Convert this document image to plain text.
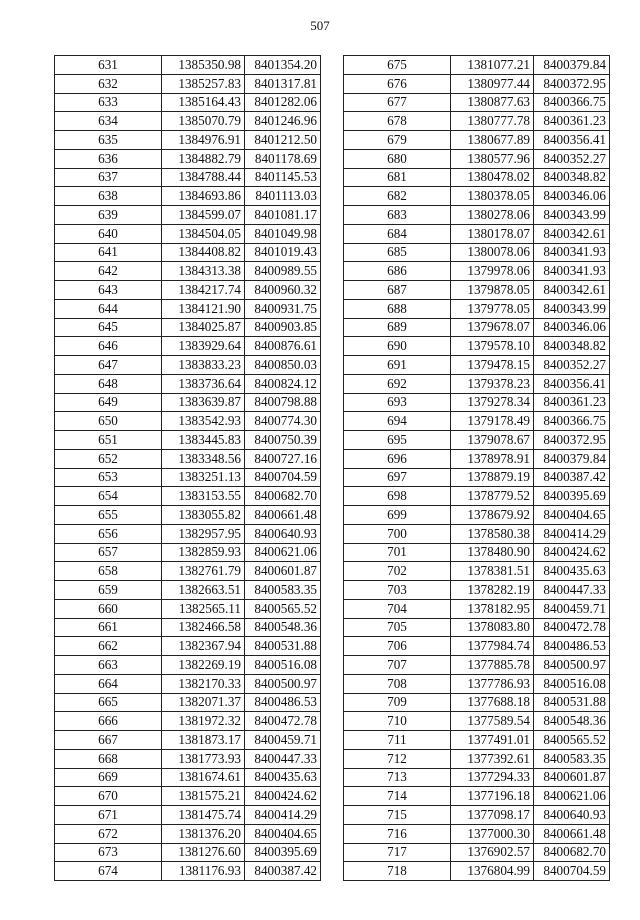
507
631	1385350.98	8401354.20
632	1385257.83	8401317.81
633	1385164.43	8401282.06
634	1385070.79	8401246.96
635	1384976.91	8401212.50
636	1384882.79	8401178.69
637	1384788.44	8401145.53
638	1384693.86	8401113.03
639	1384599.07	8401081.17
640	1384504.05	8401049.98
641	1384408.82	8401019.43
642	1384313.38	8400989.55
643	1384217.74	8400960.32
644	1384121.90	8400931.75
645	1384025.87	8400903.85
646	1383929.64	8400876.61
647	1383833.23	8400850.03
648	1383736.64	8400824.12
649	1383639.87	8400798.88
650	1383542.93	8400774.30
651	1383445.83	8400750.39
652	1383348.56	8400727.16
653	1383251.13	8400704.59
654	1383153.55	8400682.70
655	1383055.82	8400661.48
656	1382957.95	8400640.93
657	1382859.93	8400621.06
658	1382761.79	8400601.87
659	1382663.51	8400583.35
660	1382565.11	8400565.52
661	1382466.58	8400548.36
662	1382367.94	8400531.88
663	1382269.19	8400516.08
664	1382170.33	8400500.97
665	1382071.37	8400486.53
666	1381972.32	8400472.78
667	1381873.17	8400459.71
668	1381773.93	8400447.33
669	1381674.61	8400435.63
670	1381575.21	8400424.62
671	1381475.74	8400414.29
672	1381376.20	8400404.65
673	1381276.60	8400395.69
674	1381176.93	8400387.42
675	1381077.21	8400379.84
676	1380977.44	8400372.95
677	1380877.63	8400366.75
678	1380777.78	8400361.23
679	1380677.89	8400356.41
680	1380577.96	8400352.27
681	1380478.02	8400348.82
682	1380378.05	8400346.06
683	1380278.06	8400343.99
684	1380178.07	8400342.61
685	1380078.06	8400341.93
686	1379978.06	8400341.93
687	1379878.05	8400342.61
688	1379778.05	8400343.99
689	1379678.07	8400346.06
690	1379578.10	8400348.82
691	1379478.15	8400352.27
692	1379378.23	8400356.41
693	1379278.34	8400361.23
694	1379178.49	8400366.75
695	1379078.67	8400372.95
696	1378978.91	8400379.84
697	1378879.19	8400387.42
698	1378779.52	8400395.69
699	1378679.92	8400404.65
700	1378580.38	8400414.29
701	1378480.90	8400424.62
702	1378381.51	8400435.63
703	1378282.19	8400447.33
704	1378182.95	8400459.71
705	1378083.80	8400472.78
706	1377984.74	8400486.53
707	1377885.78	8400500.97
708	1377786.93	8400516.08
709	1377688.18	8400531.88
710	1377589.54	8400548.36
711	1377491.01	8400565.52
712	1377392.61	8400583.35
713	1377294.33	8400601.87
714	1377196.18	8400621.06
715	1377098.17	8400640.93
716	1377000.30	8400661.48
717	1376902.57	8400682.70
718	1376804.99	8400704.59
